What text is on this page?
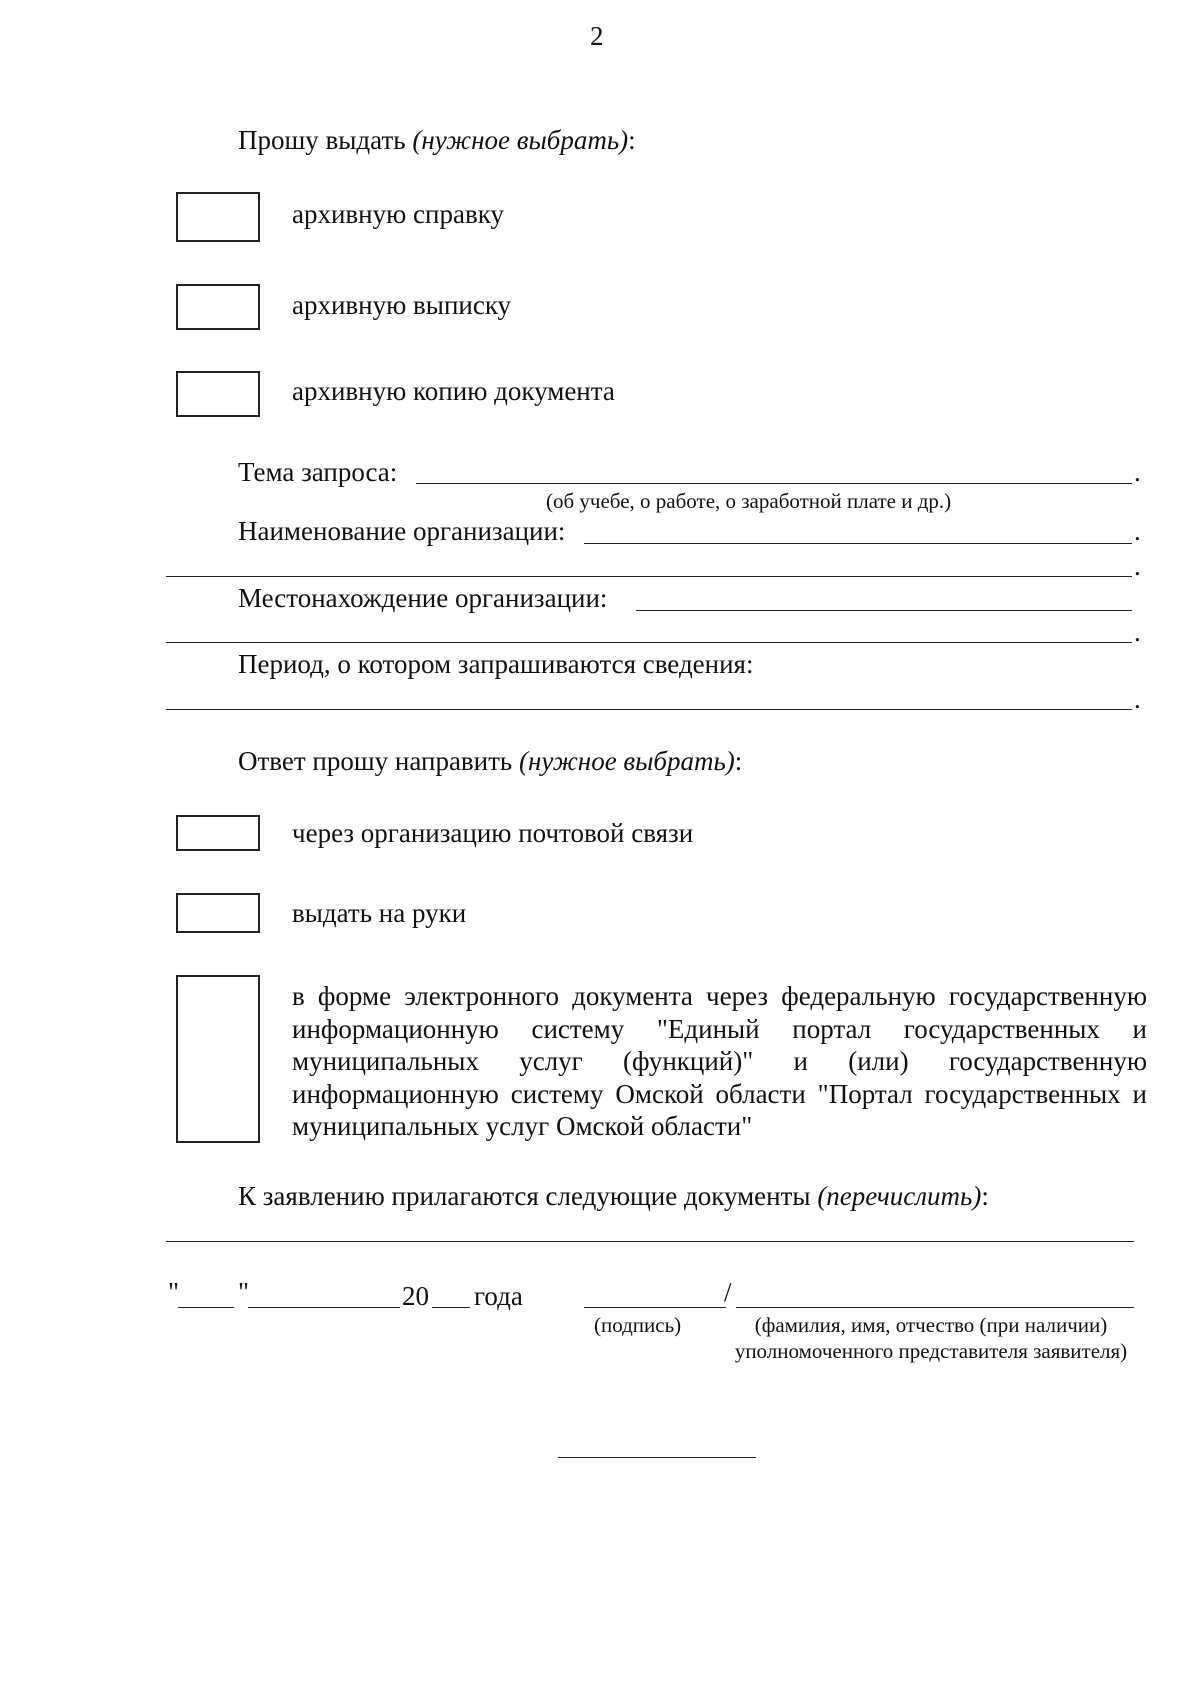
2
Прошу выдать (нужное выбрать):
архивную справку
архивную выписку
архивную копию документа
Тема запроса:	.
(об учебе, о работе, о заработной плате и др.)
Наименование организации:	.
.
Местонахождение организации:
.
Период, о котором запрашиваются сведения:
.
Ответ прошу направить (нужное выбрать):
через организацию почтовой связи
выдать на руки
в форме электронного документа через федеральную государственную информационную систему "Единый портал государственных и муниципальных услуг (функций)" и (или) государственную информационную систему Омской области "Портал государственных и муниципальных услуг Омской области"
К заявлению прилагаются следующие документы (перечислить):
" "	20 года	/
(подпись)	(фамилия, имя, отчество (при наличии) уполномоченного представителя заявителя)
